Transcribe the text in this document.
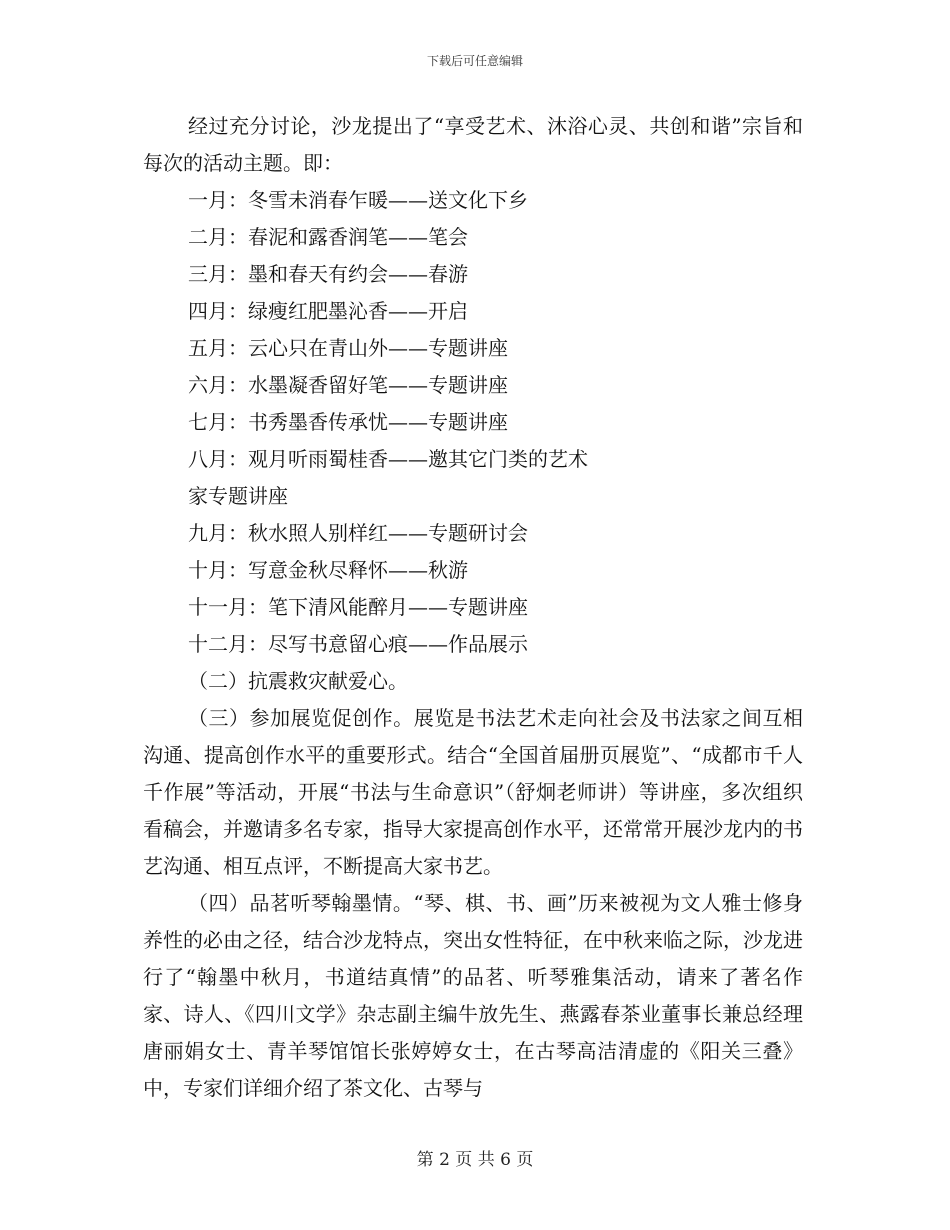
下载后可任意编辑

经过充分讨论，沙龙提出了“享受艺术、沐浴心灵、共创和谐”宗旨和每次的活动主题。即：

一月：冬雪未消春乍暖——送文化下乡

二月：春泥和露香润笔——笔会

三月：墨和春天有约会——春游

四月：绿瘦红肥墨沁香——开启

五月：云心只在青山外——专题讲座

六月：水墨凝香留好笔——专题讲座

七月：书秀墨香传承忧——专题讲座

八月：观月听雨蜀桂香——邀其它门类的艺术

家专题讲座

九月：秋水照人别样红——专题研讨会

十月：写意金秋尽释怀——秋游

十一月：笔下清风能醉月——专题讲座

十二月：尽写书意留心痕——作品展示

（二）抗震救灾献爱心。

（三）参加展览促创作。展览是书法艺术走向社会及书法家之间互相沟通、提高创作水平的重要形式。结合“全国首届册页展览”、“成都市千人千作展”等活动，开展“书法与生命意识”（舒炯老师讲）等讲座，多次组织看稿会，并邀请多名专家，指导大家提高创作水平，还常常开展沙龙内的书艺沟通、相互点评，不断提高大家书艺。

（四）品茗听琴翰墨情。“琴、棋、书、画”历来被视为文人雅士修身养性的必由之径，结合沙龙特点，突出女性特征，在中秋来临之际，沙龙进行了“翰墨中秋月，书道结真情”的品茗、听琴雅集活动，请来了著名作家、诗人、《四川文学》杂志副主编牛放先生、燕露春茶业董事长兼总经理唐丽娟女士、青羊琴馆馆长张婷婷女士，在古琴高洁清虚的《阳关三叠》中，专家们详细介绍了茶文化、古琴与

第 2 页 共 6 页
